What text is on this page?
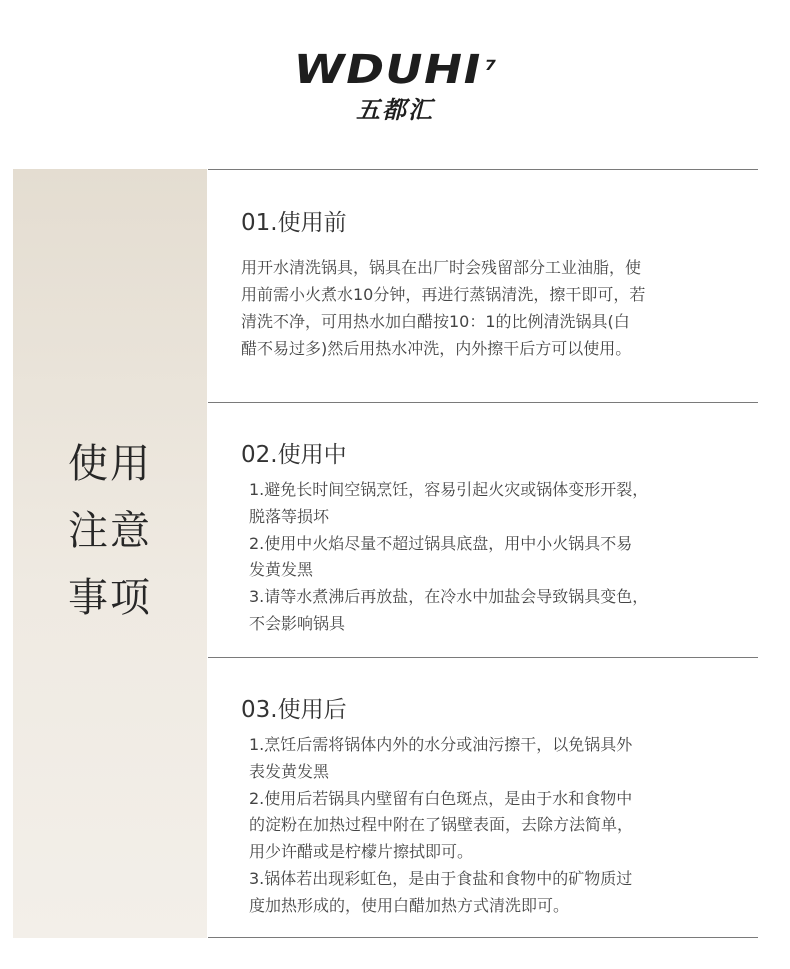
WDUHI$^7$
五都汇
使用
注意
事项
01.使用前

用开水清洗锅具，锅具在出厂时会残留部分工业油脂，使
用前需小火煮水10分钟，再进行蒸锅清洗，擦干即可，若
清洗不净，可用热水加白醋按10：1的比例清洗锅具(白
醋不易过多)然后用热水冲洗，内外擦干后方可以使用。

02.使用中
1.避免长时间空锅烹饪，容易引起火灾或锅体变形开裂，
脱落等损坏
2.使用中火焰尽量不超过锅具底盘，用中小火锅具不易
发黄发黑
3.请等水煮沸后再放盐，在冷水中加盐会导致锅具变色，
不会影响锅具
03.使用后
1.烹饪后需将锅体内外的水分或油污擦干，以免锅具外
表发黄发黑
2.使用后若锅具内壁留有白色斑点，是由于水和食物中
的淀粉在加热过程中附在了锅壁表面，去除方法简单，
用少许醋或是柠檬片擦拭即可。
3.锅体若出现彩虹色，是由于食盐和食物中的矿物质过
度加热形成的，使用白醋加热方式清洗即可。
